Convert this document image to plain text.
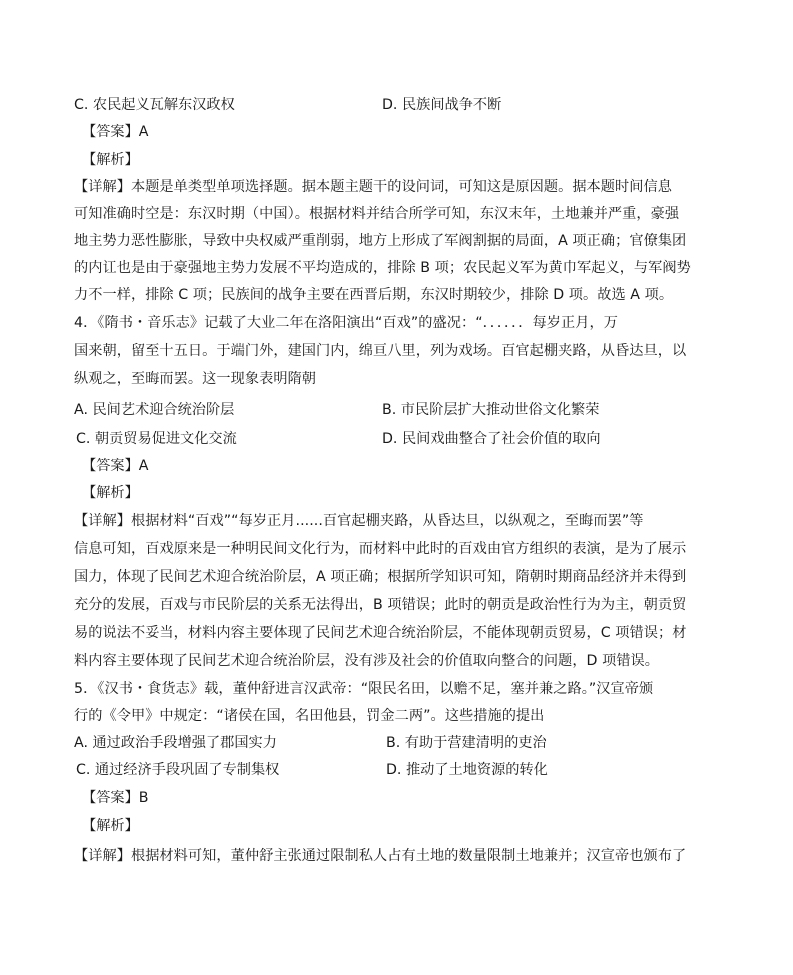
C. 农民起义瓦解东汉政权	D. 民族间战争不断
【答案】A
【解析】
【详解】本题是单类型单项选择题。据本题主题干的设问词，可知这是原因题。据本题时间信息
可知准确时空是：东汉时期（中国）。根据材料并结合所学可知，东汉末年，土地兼并严重，豪强
地主势力恶性膨胀，导致中央权威严重削弱，地方上形成了军阀割据的局面，A 项正确；官僚集团
的内讧也是由于豪强地主势力发展不平均造成的，排除 B 项；农民起义军为黄巾军起义，与军阀势
力不一样，排除 C 项；民族间的战争主要在西晋后期，东汉时期较少，排除 D 项。故选 A 项。
4．《隋书・音乐志》记载了大业二年在洛阳演出“百戏”的盛况：“．．．．．．每岁正月，万
国来朝，留至十五日。于端门外，建国门内，绵亘八里，列为戏场。百官起棚夹路，从昏达旦，以
纵观之，至晦而罢。这一现象表明隋朝
A. 民间艺术迎合统治阶层	B. 市民阶层扩大推动世俗文化繁荣
C. 朝贡贸易促进文化交流	D. 民间戏曲整合了社会价值的取向
【答案】A
【解析】
【详解】根据材料“百戏”“每岁正月......百官起棚夹路，从昏达旦，以纵观之，至晦而罢”等
信息可知，百戏原来是一种明民间文化行为，而材料中此时的百戏由官方组织的表演，是为了展示
国力，体现了民间艺术迎合统治阶层，A 项正确；根据所学知识可知，隋朝时期商品经济并未得到
充分的发展，百戏与市民阶层的关系无法得出，B 项错误；此时的朝贡是政治性行为为主，朝贡贸
易的说法不妥当，材料内容主要体现了民间艺术迎合统治阶层，不能体现朝贡贸易，C 项错误；材
料内容主要体现了民间艺术迎合统治阶层，没有涉及社会的价值取向整合的问题，D 项错误。
5．《汉书・食货志》载，董仲舒进言汉武帝：“限民名田，以赡不足，塞并兼之路。”汉宣帝颁
行的《令甲》中规定：“诸侯在国，名田他县，罚金二两”。这些措施的提出
A. 通过政治手段增强了郡国实力	B. 有助于营建清明的吏治
C. 通过经济手段巩固了专制集权	D. 推动了土地资源的转化
【答案】B
【解析】
【详解】根据材料可知，董仲舒主张通过限制私人占有土地的数量限制土地兼并；汉宣帝也颁布了
